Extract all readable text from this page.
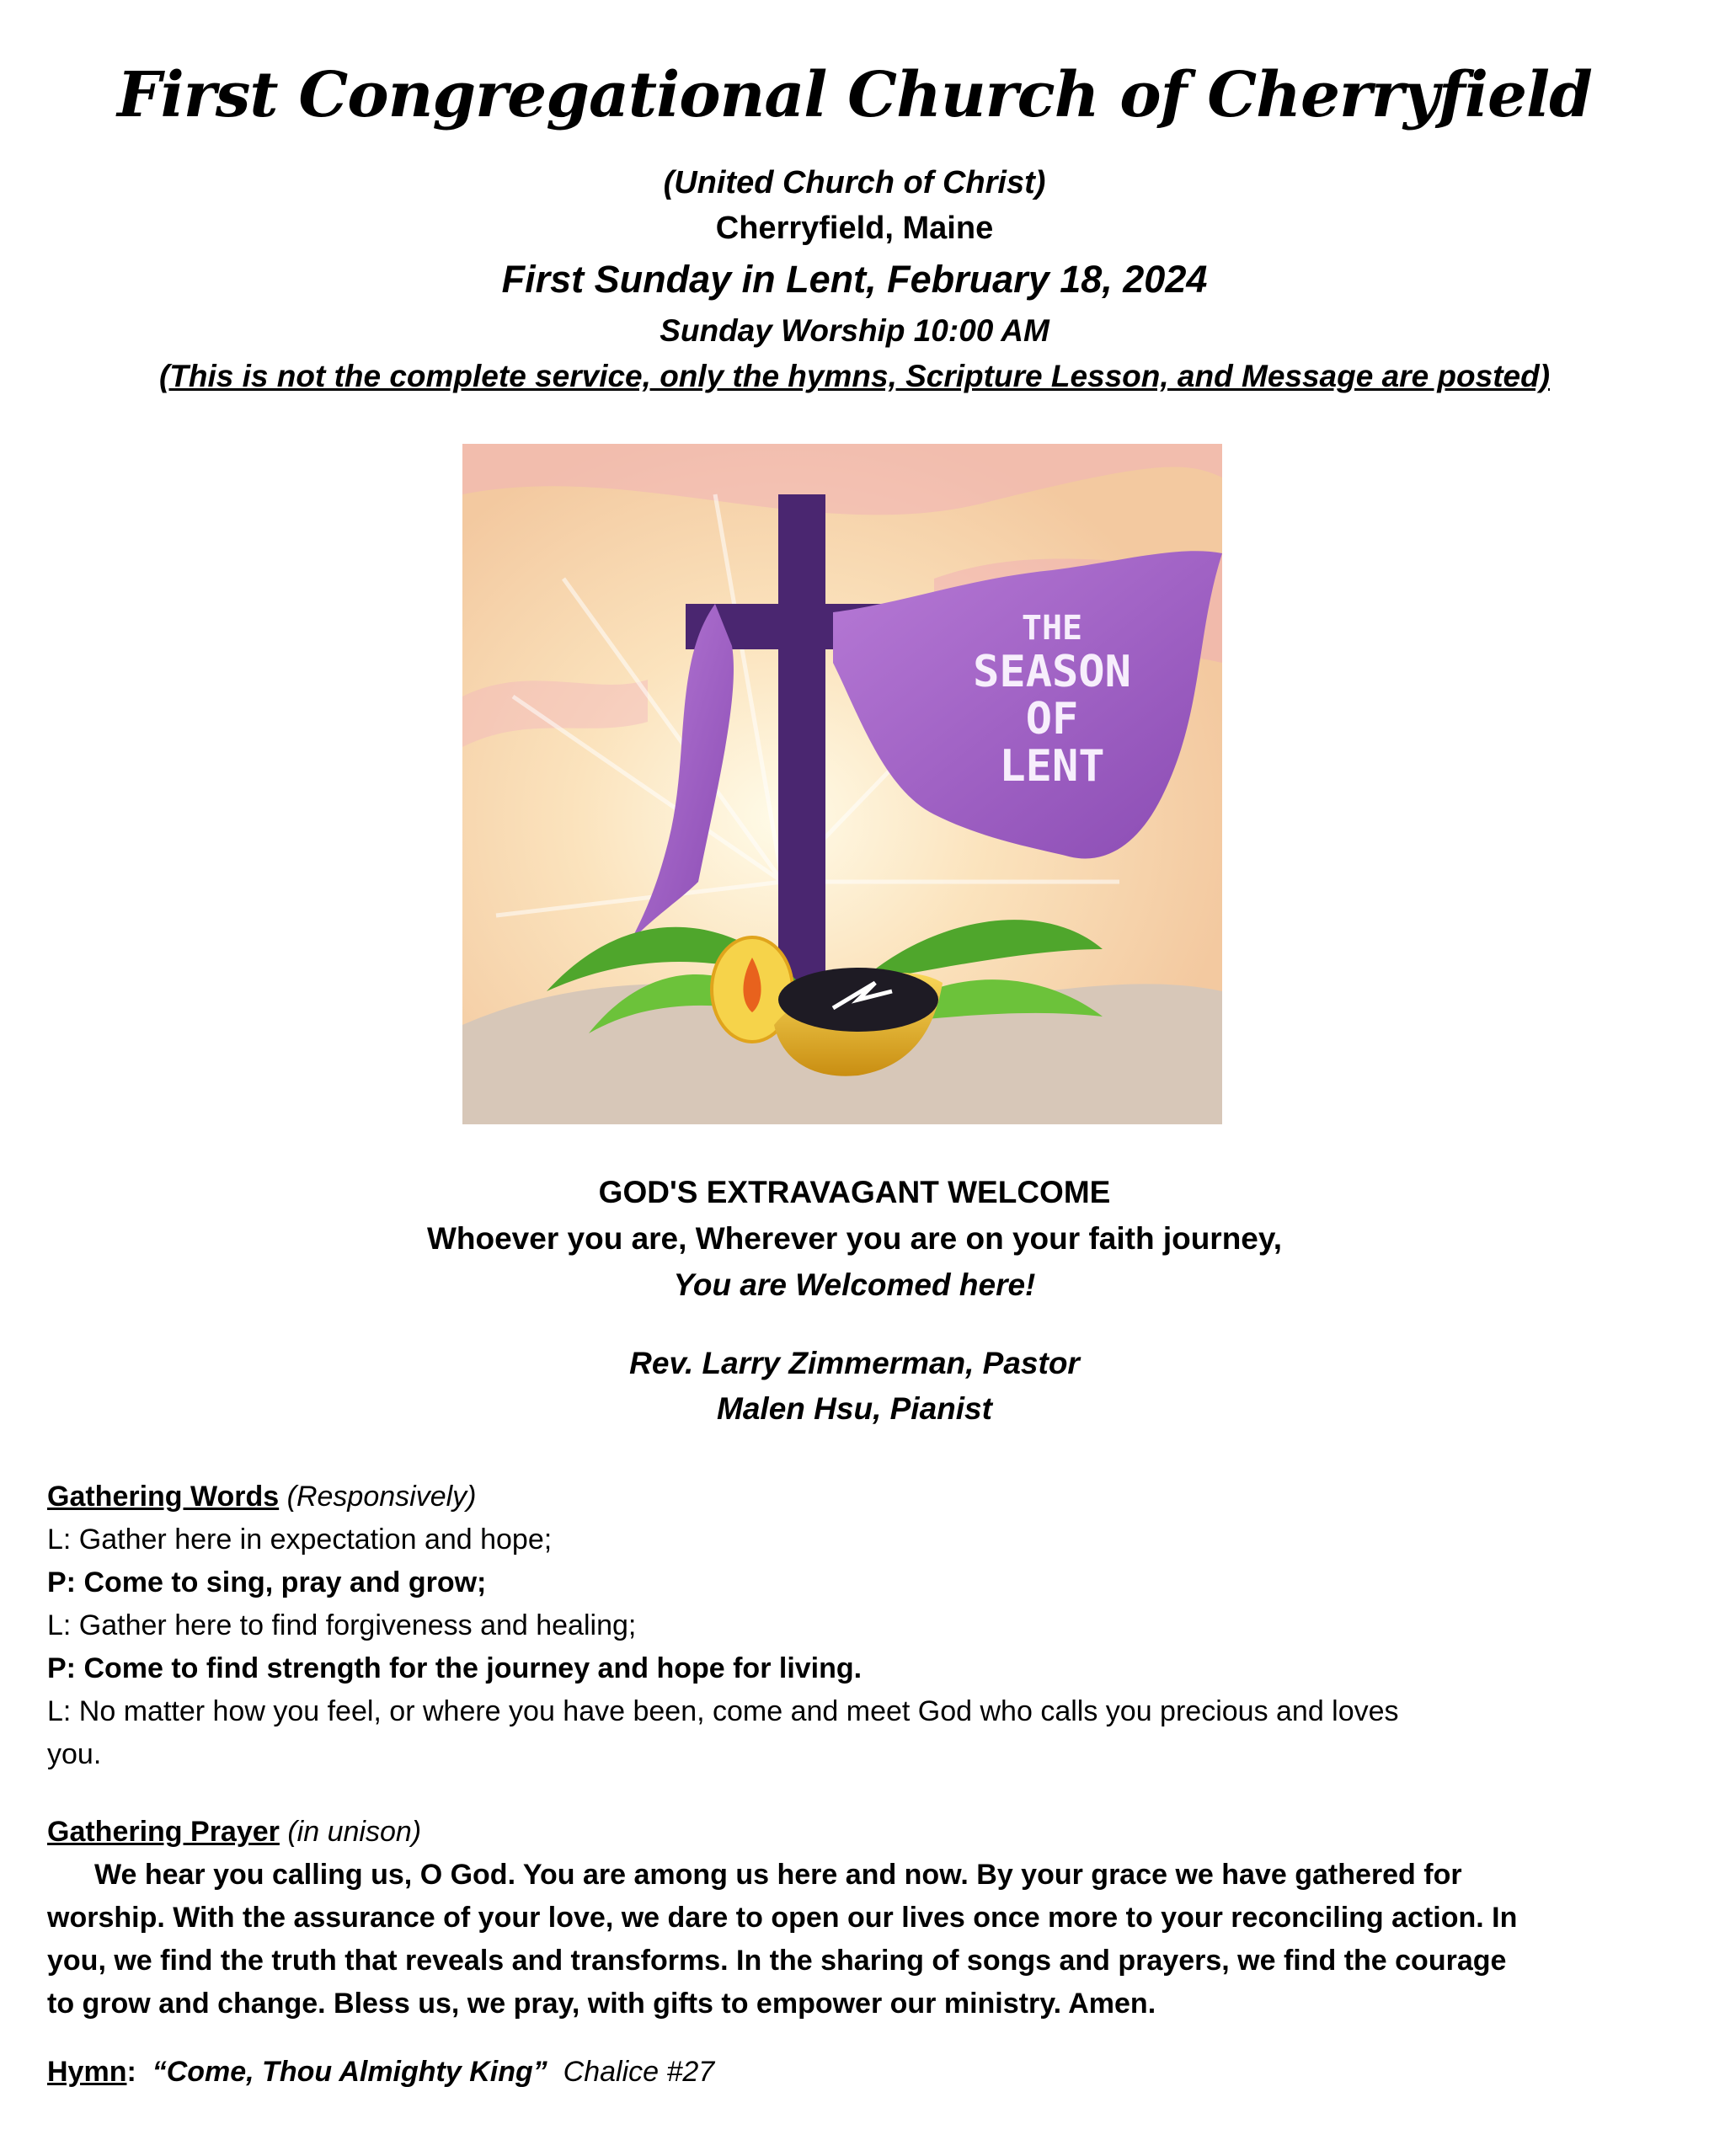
First Congregational Church of Cherryfield
(United Church of Christ)
Cherryfield, Maine
First Sunday in Lent, February 18, 2024
Sunday Worship 10:00 AM
(This is not the complete service, only the hymns, Scripture Lesson, and Message are posted)
THE
SEASON
OF
LENT
GOD'S EXTRAVAGANT WELCOME
Whoever you are, Wherever you are on your faith journey,
You are Welcomed here!
Rev. Larry Zimmerman, Pastor
Malen Hsu, Pianist
Gathering Words (Responsively)
L: Gather here in expectation and hope;
P: Come to sing, pray and grow;
L: Gather here to find forgiveness and healing;
P: Come to find strength for the journey and hope for living.
L: No matter how you feel, or where you have been, come and meet God who calls you precious and loves
you.
Gathering Prayer (in unison)
We hear you calling us, O God. You are among us here and now. By your grace we have gathered for
worship. With the assurance of your love, we dare to open our lives once more to your reconciling action. In
you, we find the truth that reveals and transforms. In the sharing of songs and prayers, we find the courage
to grow and change. Bless us, we pray, with gifts to empower our ministry. Amen.
Hymn: “Come, Thou Almighty King” Chalice #27
